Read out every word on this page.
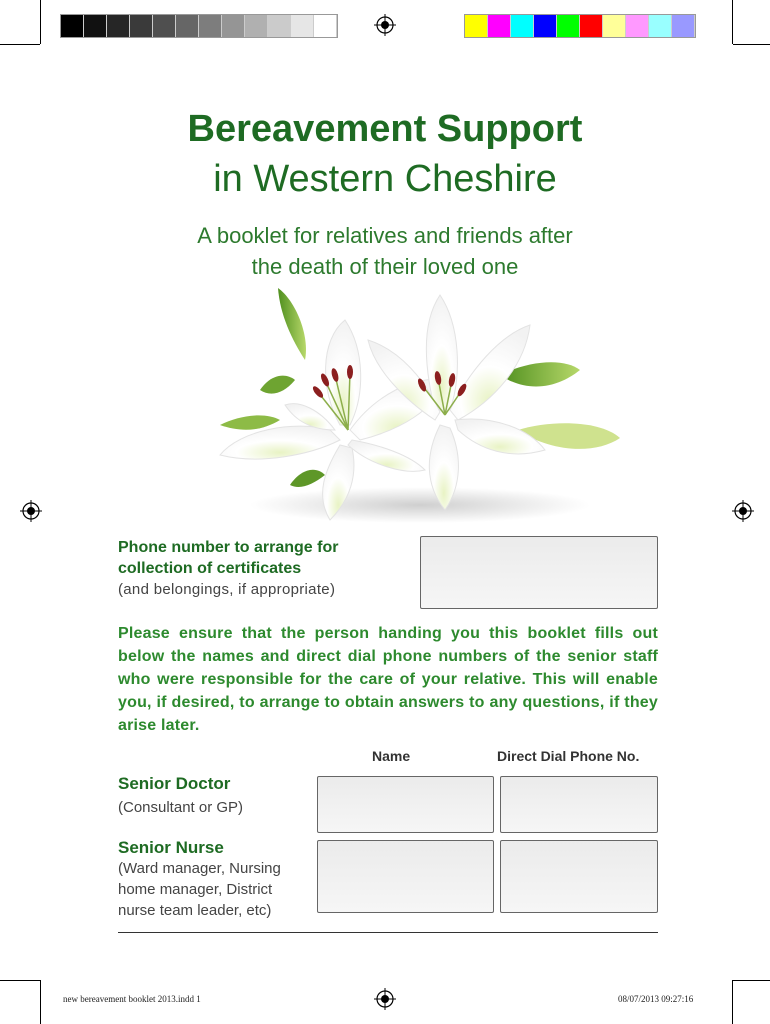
Bereavement Support
in Western Cheshire
A booklet for relatives and friends after
the death of their loved one
Phone number to arrange for collection of certificates
(and belongings, if appropriate)
Please ensure that the person handing you this booklet fills out below the names and direct dial phone numbers of the senior staff who were responsible for the care of your relative. This will enable you, if desired, to arrange to obtain answers to any questions, if they arise later.
Name	Direct Dial Phone No.
Senior Doctor
(Consultant or GP)
Senior Nurse
(Ward manager, Nursing home manager, District nurse team leader, etc)
new bereavement booklet 2013.indd 1	08/07/2013 09:27:16
